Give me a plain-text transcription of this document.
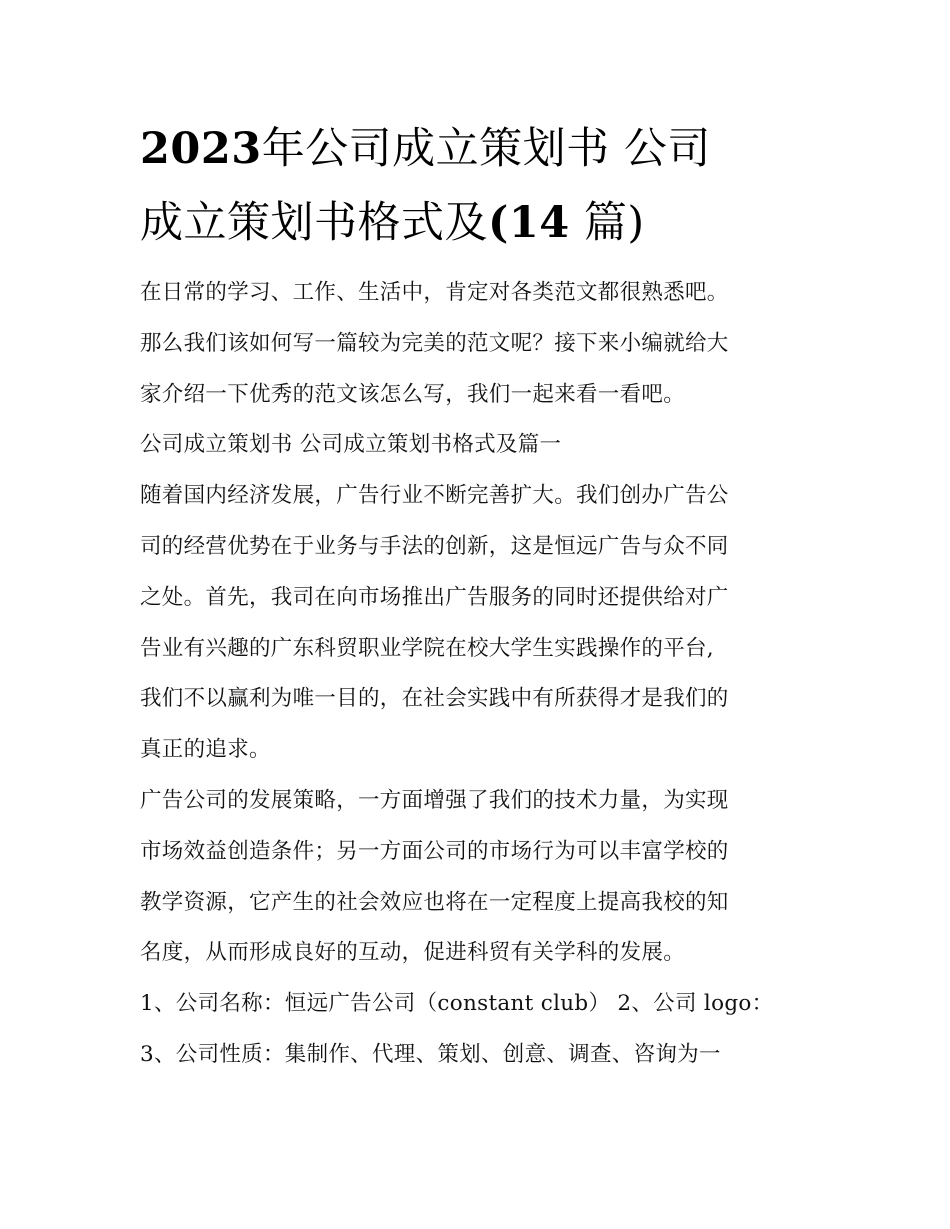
2023年公司成立策划书 公司
成立策划书格式及(14 篇)
在日常的学习、工作、生活中，肯定对各类范文都很熟悉吧。
那么我们该如何写一篇较为完美的范文呢？接下来小编就给大
家介绍一下优秀的范文该怎么写，我们一起来看一看吧。
公司成立策划书 公司成立策划书格式及篇一
随着国内经济发展，广告行业不断完善扩大。我们创办广告公
司的经营优势在于业务与手法的创新，这是恒远广告与众不同
之处。首先，我司在向市场推出广告服务的同时还提供给对广
告业有兴趣的广东科贸职业学院在校大学生实践操作的平台,
我们不以赢利为唯一目的，在社会实践中有所获得才是我们的
真正的追求。
广告公司的发展策略，一方面增强了我们的技术力量，为实现
市场效益创造条件；另一方面公司的市场行为可以丰富学校的
教学资源，它产生的社会效应也将在一定程度上提高我校的知
名度，从而形成良好的互动，促进科贸有关学科的发展。
1、公司名称：恒远广告公司（constant club） 2、公司 logo：
3、公司性质：集制作、代理、策划、创意、调查、咨询为一
